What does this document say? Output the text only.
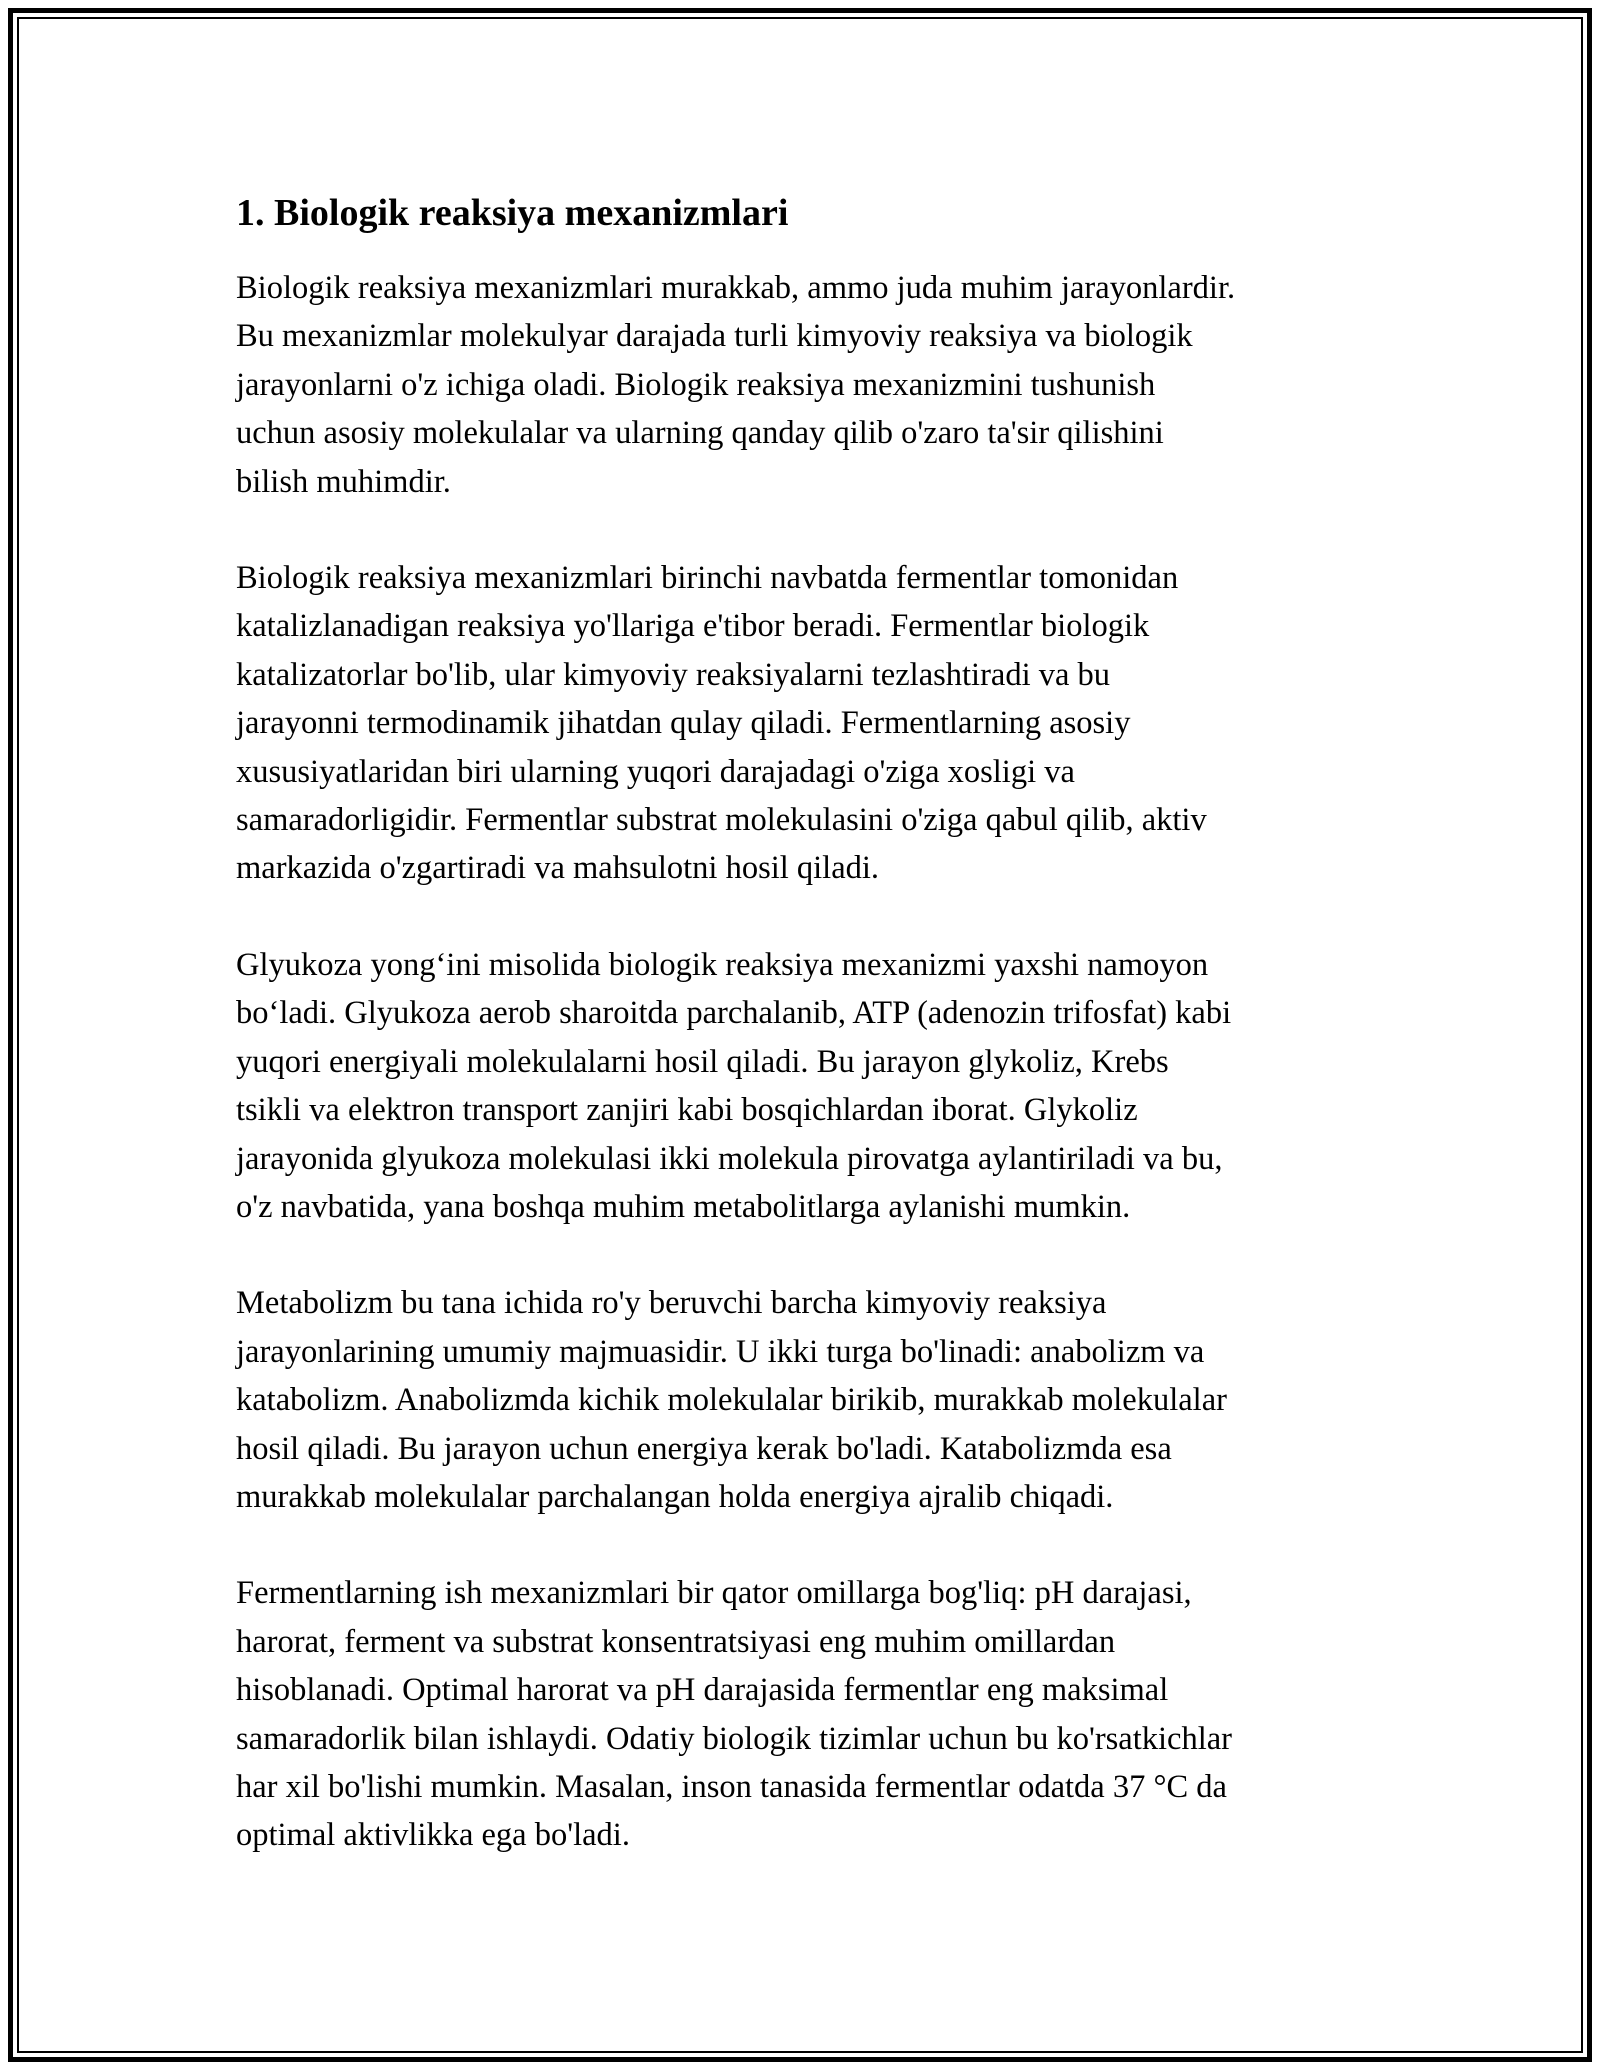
1. Biologik reaksiya mexanizmlari

Biologik reaksiya mexanizmlari murakkab, ammo juda muhim jarayonlardir.
Bu mexanizmlar molekulyar darajada turli kimyoviy reaksiya va biologik
jarayonlarni o'z ichiga oladi. Biologik reaksiya mexanizmini tushunish
uchun asosiy molekulalar va ularning qanday qilib o'zaro ta'sir qilishini
bilish muhimdir.

Biologik reaksiya mexanizmlari birinchi navbatda fermentlar tomonidan
katalizlanadigan reaksiya yo'llariga e'tibor beradi. Fermentlar biologik
katalizatorlar bo'lib, ular kimyoviy reaksiyalarni tezlashtiradi va bu
jarayonni termodinamik jihatdan qulay qiladi. Fermentlarning asosiy
xususiyatlaridan biri ularning yuqori darajadagi o'ziga xosligi va
samaradorligidir. Fermentlar substrat molekulasini o'ziga qabul qilib, aktiv
markazida o'zgartiradi va mahsulotni hosil qiladi.

Glyukoza yong‘ini misolida biologik reaksiya mexanizmi yaxshi namoyon
bo‘ladi. Glyukoza aerob sharoitda parchalanib, ATP (adenozin trifosfat) kabi
yuqori energiyali molekulalarni hosil qiladi. Bu jarayon glykoliz, Krebs
tsikli va elektron transport zanjiri kabi bosqichlardan iborat. Glykoliz
jarayonida glyukoza molekulasi ikki molekula pirovatga aylantiriladi va bu,
o'z navbatida, yana boshqa muhim metabolitlarga aylanishi mumkin.

Metabolizm bu tana ichida ro'y beruvchi barcha kimyoviy reaksiya
jarayonlarining umumiy majmuasidir. U ikki turga bo'linadi: anabolizm va
katabolizm. Anabolizmda kichik molekulalar birikib, murakkab molekulalar
hosil qiladi. Bu jarayon uchun energiya kerak bo'ladi. Katabolizmda esa
murakkab molekulalar parchalangan holda energiya ajralib chiqadi.

Fermentlarning ish mexanizmlari bir qator omillarga bog'liq: pH darajasi,
harorat, ferment va substrat konsentratsiyasi eng muhim omillardan
hisoblanadi. Optimal harorat va pH darajasida fermentlar eng maksimal
samaradorlik bilan ishlaydi. Odatiy biologik tizimlar uchun bu ko'rsatkichlar
har xil bo'lishi mumkin. Masalan, inson tanasida fermentlar odatda 37 °C da
optimal aktivlikka ega bo'ladi.
